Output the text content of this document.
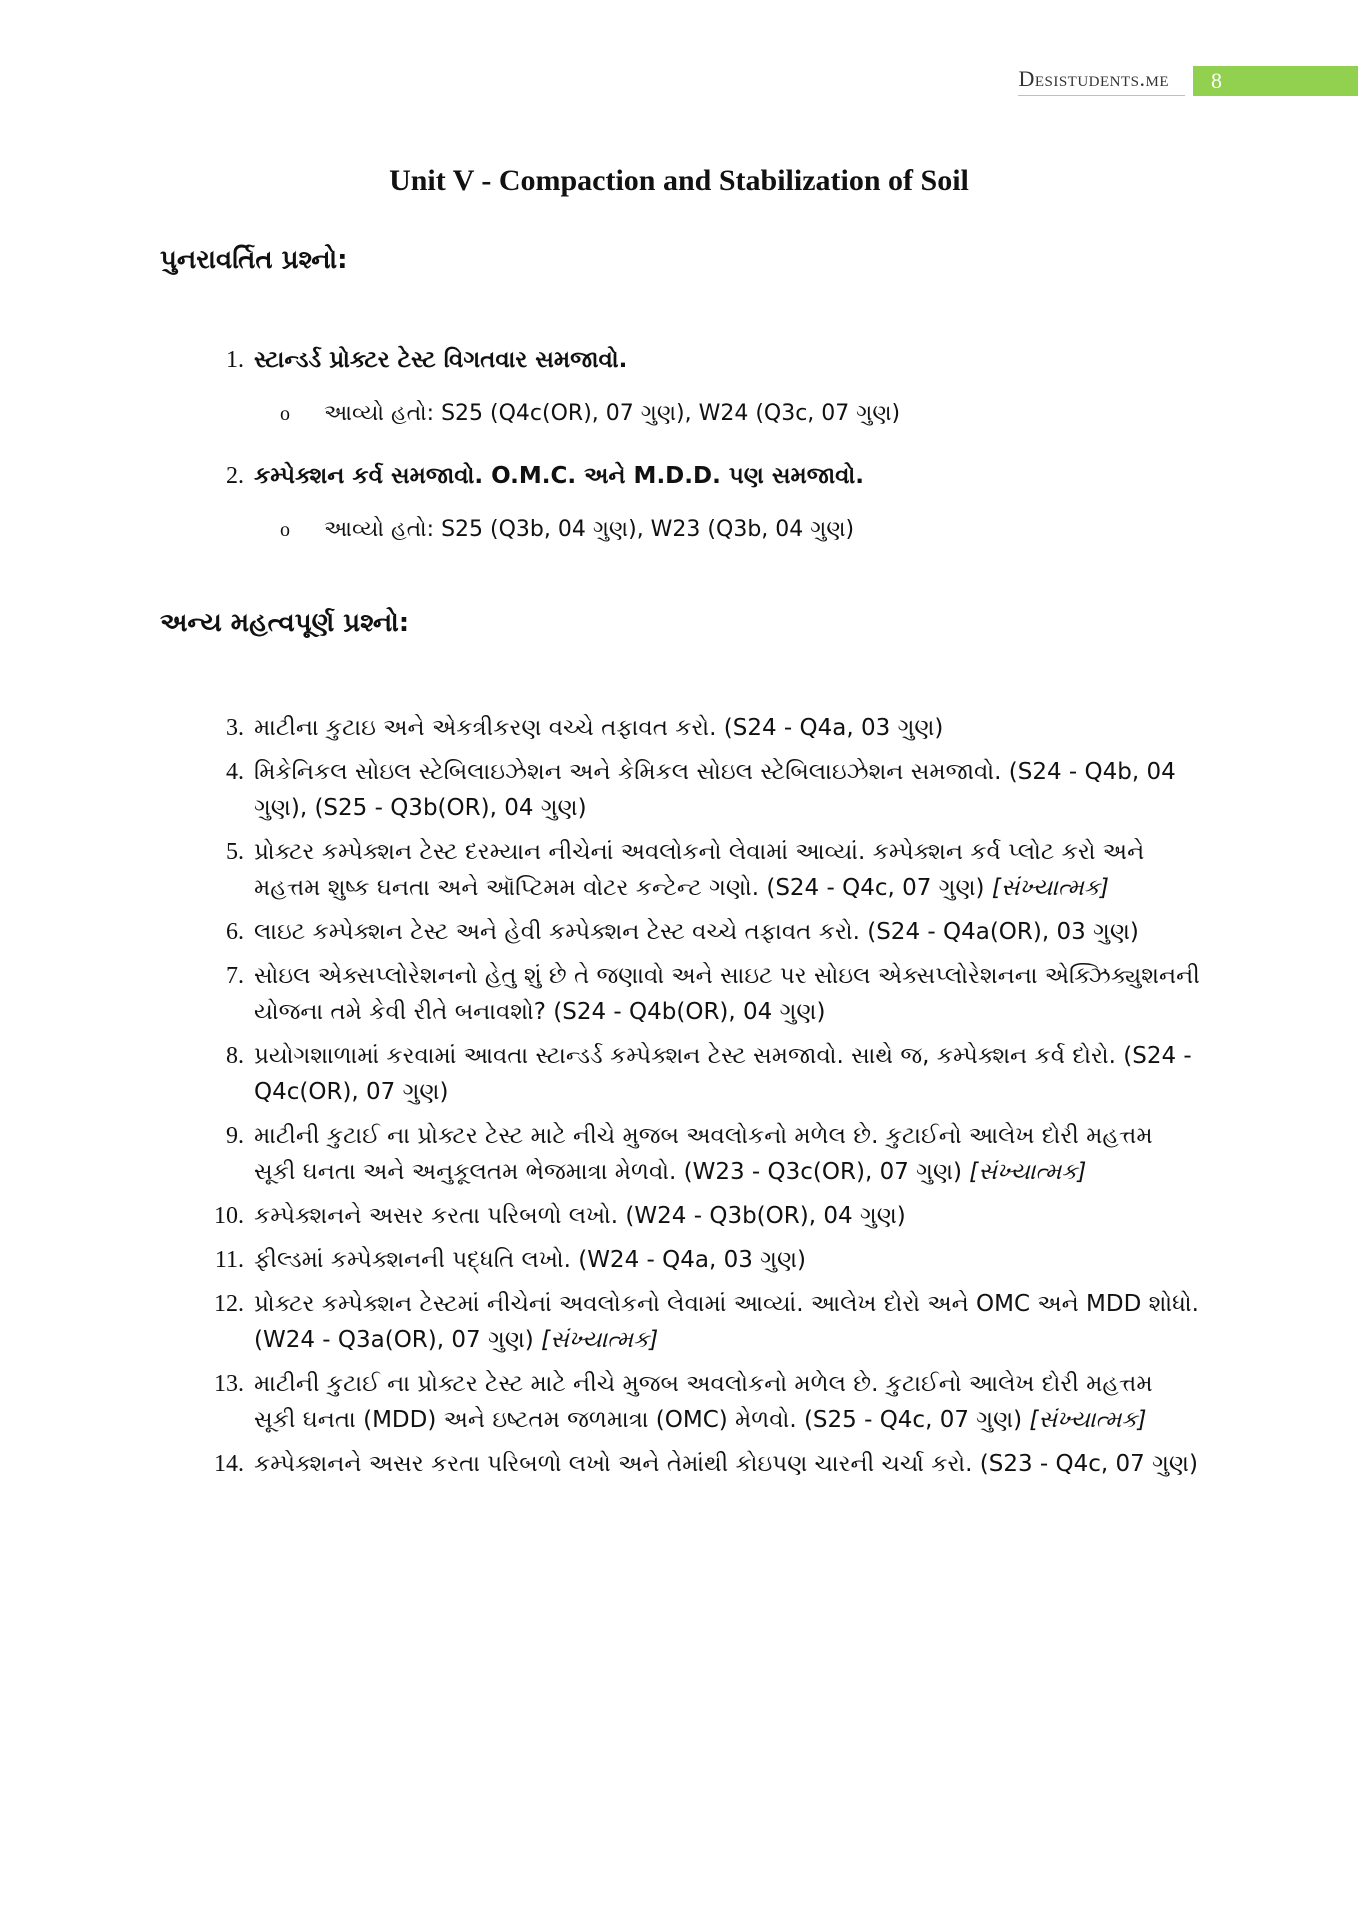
Desistudents.me	8
Unit V - Compaction and Stabilization of Soil
પુનરાવર્તિત પ્રશ્નો:
1. સ્ટાન્ડર્ડ પ્રોક્ટર ટેસ્ટ વિગતવાર સમજાવો.
o	આવ્યો હતો: S25 (Q4c(OR), 07 ગુણ), W24 (Q3c, 07 ગુણ)
2. કમ્પેક્શન કર્વ સમજાવો. O.M.C. અને M.D.D. પણ સમજાવો.
o	આવ્યો હતો: S25 (Q3b, 04 ગુણ), W23 (Q3b, 04 ગુણ)
અન્ય મહત્વપૂર્ણ પ્રશ્નો:
3. માટીના કુટાઇ અને એકત્રીકરણ વચ્ચે તફાવત કરો. (S24 - Q4a, 03 ગુણ)
4. મિકેનિકલ સોઇલ સ્ટેબિલાઇઝેશન અને કેમિકલ સોઇલ સ્ટેબિલાઇઝેશન સમજાવો. (S24 - Q4b, 04 ગુણ), (S25 - Q3b(OR), 04 ગુણ)
5. પ્રોક્ટર કમ્પેક્શન ટેસ્ટ દરમ્યાન નીચેનાં અવલોકનો લેવામાં આવ્યાં. કમ્પેક્શન કર્વ પ્લોટ કરો અને મહત્તમ શુષ્ક ઘનતા અને ઑપ્ટિમમ વોટર કન્ટેન્ટ ગણો. (S24 - Q4c, 07 ગુણ) [સંખ્યાત્મક]
6. લાઇટ કમ્પેક્શન ટેસ્ટ અને હેવી કમ્પેક્શન ટેસ્ટ વચ્ચે તફાવત કરો. (S24 - Q4a(OR), 03 ગુણ)
7. સોઇલ એક્સપ્લોરેશનનો હેતુ શું છે તે જણાવો અને સાઇટ પર સોઇલ એક્સપ્લોરેશનના એક્ઝિક્યુશનની યોજના તમે કેવી રીતે બનાવશો? (S24 - Q4b(OR), 04 ગુણ)
8. પ્રયોગશાળામાં કરવામાં આવતા સ્ટાન્ડર્ડ કમ્પેક્શન ટેસ્ટ સમજાવો. સાથે જ, કમ્પેક્શન કર્વ દોરો. (S24 - Q4c(OR), 07 ગુણ)
9. માટીની કુટાઈ ના પ્રોક્ટર ટેસ્ટ માટે નીચે મુજબ અવલોકનો મળેલ છે. કુટાઈનો આલેખ દોરી મહત્તમ સૂકી ઘનતા અને અનુકૂલતમ ભેજમાત્રા મેળવો. (W23 - Q3c(OR), 07 ગુણ) [સંખ્યાત્મક]
10. કમ્પેક્શનને અસર કરતા પરિબળો લખો. (W24 - Q3b(OR), 04 ગુણ)
11. ફીલ્ડમાં કમ્પેક્શનની પદ્ધતિ લખો. (W24 - Q4a, 03 ગુણ)
12. પ્રોક્ટર કમ્પેક્શન ટેસ્ટમાં નીચેનાં અવલોકનો લેવામાં આવ્યાં. આલેખ દોરો અને OMC અને MDD શોધો. (W24 - Q3a(OR), 07 ગુણ) [સંખ્યાત્મક]
13. માટીની કુટાઈ ના પ્રોક્ટર ટેસ્ટ માટે નીચે મુજબ અવલોકનો મળેલ છે. કુટાઈનો આલેખ દોરી મહત્તમ સૂકી ઘનતા (MDD) અને ઇષ્ટતમ જળમાત્રા (OMC) મેળવો. (S25 - Q4c, 07 ગુણ) [સંખ્યાત્મક]
14. કમ્પેક્શનને અસર કરતા પરિબળો લખો અને તેમાંથી કોઇપણ ચારની ચર્ચા કરો. (S23 - Q4c, 07 ગુણ)
